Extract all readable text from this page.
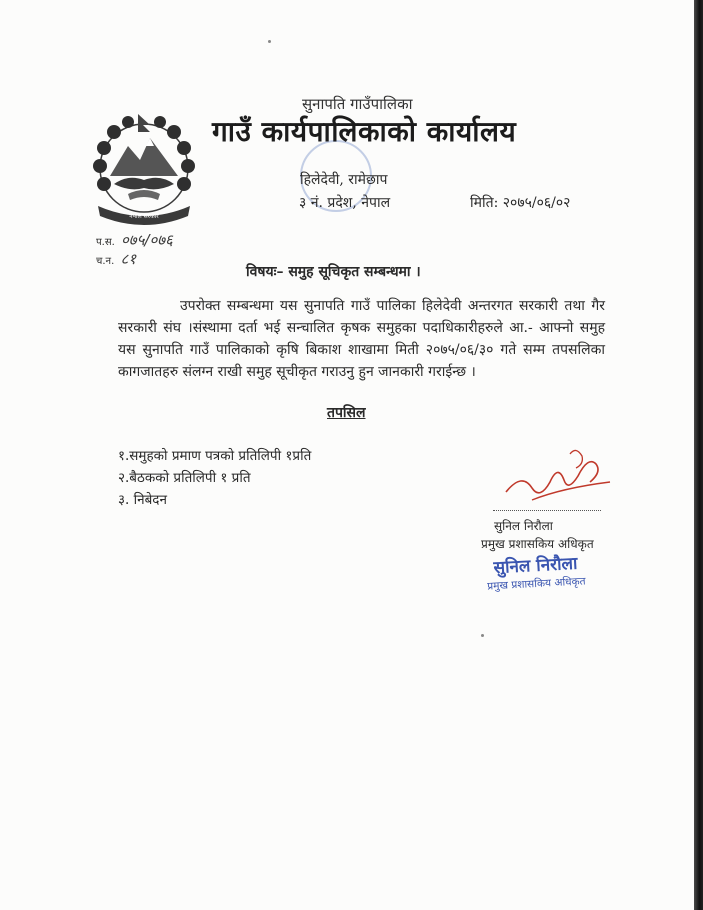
नेपाल सरकार
सुनापति गाउँपालिका
गाउँ कार्यपालिकाको कार्यालय
हिलेदेवी, रामेछाप
३ नं. प्रदेश, नेपाल	मिति: २०७५/०६/०२
प.स. ०७५/०७६
च.न. ८१
विषयः– समुह सूचिकृत सम्बन्धमा ।
उपरोक्त सम्बन्धमा यस सुनापति गाउँ पालिका हिलेदेवी अन्तरगत सरकारी तथा गैर सरकारी संघ ।संस्थामा दर्ता भई सन्चालित कृषक समुहका पदाधिकारीहरुले आ.- आफ्नो समुह यस सुनापति गाउँ पालिकाको कृषि बिकाश शाखामा मिती २०७५/०६/३० गते सम्म तपसलिका कागजातहरु संलग्न राखी समुह सूचीकृत गराउनु हुन जानकारी गराईन्छ ।
तपसिल
१.समुहको प्रमाण पत्रको प्रतिलिपी १प्रति
२.बैठकको प्रतिलिपी १ प्रति
३. निबेदन
सुनिल निरौला
प्रमुख प्रशासकिय अधिकृत
सुनिल निरौला
प्रमुख प्रशासकिय अधिकृत
